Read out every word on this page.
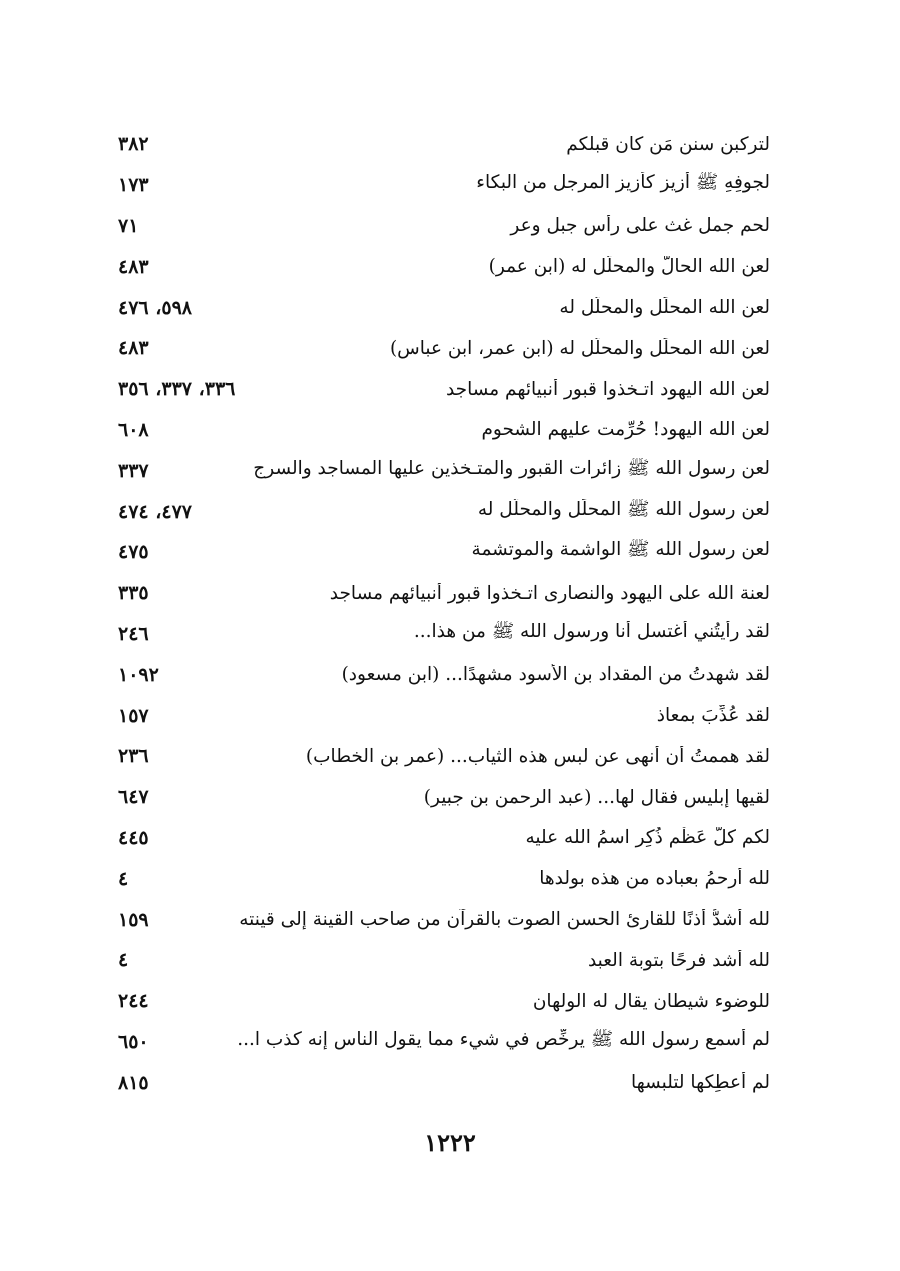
٣٨٢	لتركبن سنن مَن كان قبلكم
١٧٣	لجوفِهِ ﷺ أزيز كأزيز المرجل من البكاء
٧١	لحم جمل غث على رأس جبل وعر
٤٨٣	لعن الله الحالَّ والمحلَّل له (ابن عمر)
٥٩٨، ٤٧٦	لعن الله المحلِّل والمحلَّل له
٤٨٣	لعن الله المحلِّل والمحلَّل له (ابن عمر، ابن عباس)
٣٣٦، ٣٣٧، ٣٥٦	لعن الله اليهود اتـخذوا قبور أنبيائهم مساجد
٦٠٨	لعن الله اليهود! حُرِّمت عليهم الشحوم
٣٣٧	لعن رسول الله ﷺ زائرات القبور والمتـخذين عليها المساجد والسرج
٤٧٧، ٤٧٤	لعن رسول الله ﷺ المحلِّل والمحلَّل له
٤٧٥	لعن رسول الله ﷺ الواشمة والموتشمة
٣٣٥	لعنة الله على اليهود والنصارى اتـخذوا قبور أنبيائهم مساجد
٢٤٦	لقد رأيتُني أغتسل أنا ورسول الله ﷺ من هذا...
١٠٩٢	لقد شهدتُ من المقداد بن الأسود مشهدًا... (ابن مسعود)
١٥٧	لقد عُذِّبَ بمعاذ
٢٣٦	لقد هممتُ أن أنهى عن لبس هذه الثياب... (عمر بن الخطاب)
٦٤٧	لقيها إبليس فقال لها... (عبد الرحمن بن جبير)
٤٤٥	لكم كلُّ عَظْمٍ ذُكِر اسمُ الله عليه
٤	لله أرحمُ بعباده من هذه بولدها
١٥٩	لله أشدُّ أذنًا للقارئ الحسن الصوت بالقرآن من صاحب القينة إلى قينته
٤	لله أشد فرحًا بتوبة العبد
٢٤٤	للوضوء شيطان يقال له الولهان
٦٥٠	لم أسمع رسول الله ﷺ يرخِّص في شيء مما يقول الناس إنه كذب ا...
٨١٥	لم أُعطِكها لتلبسها
١٢٢٢
